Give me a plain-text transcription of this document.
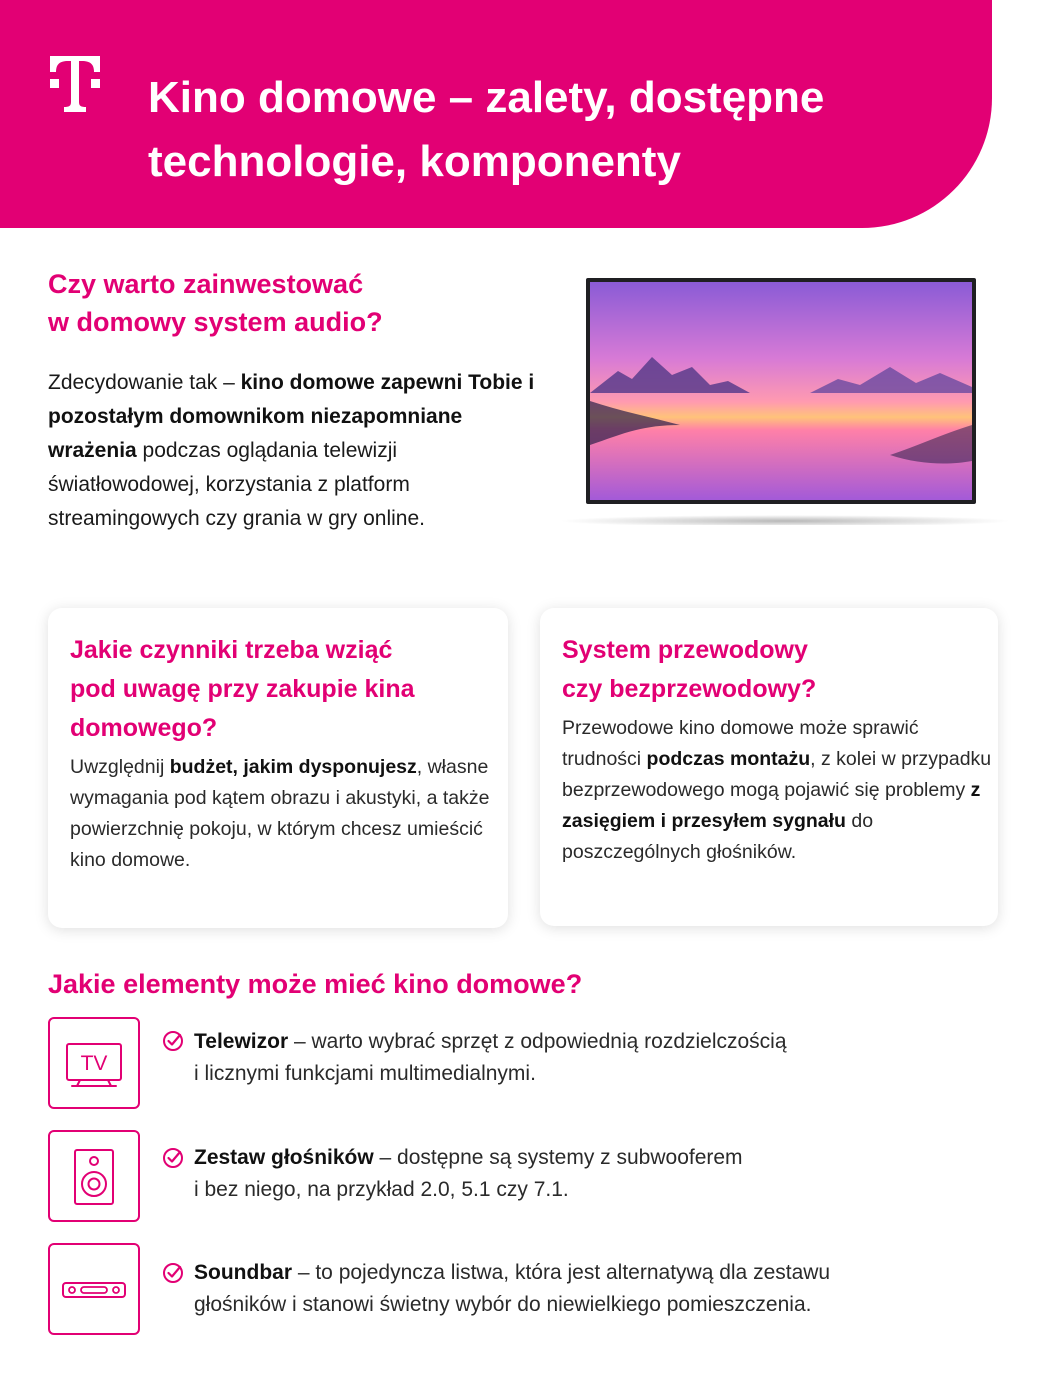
Kino domowe – zalety, dostępne
technologie, komponenty
Czy warto zainwestować
w domowy system audio?

Zdecydowanie tak – kino domowe zapewni Tobie i pozostałym domownikom niezapomniane wrażenia podczas oglądania telewizji światłowodowej, korzystania z platform streamingowych czy grania w gry online.

Jakie czynniki trzeba wziąć
pod uwagę przy zakupie kina
domowego?

Uwzględnij budżet, jakim dysponujesz, własne wymagania pod kątem obrazu i akustyki, a także powierzchnię pokoju, w którym chcesz umieścić kino domowe.

System przewodowy
czy bezprzewodowy?

Przewodowe kino domowe może sprawić trudności podczas montażu, z kolei w przypadku bezprzewodowego mogą pojawić się problemy z zasięgiem i przesyłem sygnału do poszczególnych głośników.

Jakie elementy może mieć kino domowe?
TV
Telewizor – warto wybrać sprzęt z odpowiednią rozdzielczością
i licznymi funkcjami multimedialnymi.
Zestaw głośników – dostępne są systemy z subwooferem
i bez niego, na przykład 2.0, 5.1 czy 7.1.
Soundbar – to pojedyncza listwa, która jest alternatywą dla zestawu
głośników i stanowi świetny wybór do niewielkiego pomieszczenia.
